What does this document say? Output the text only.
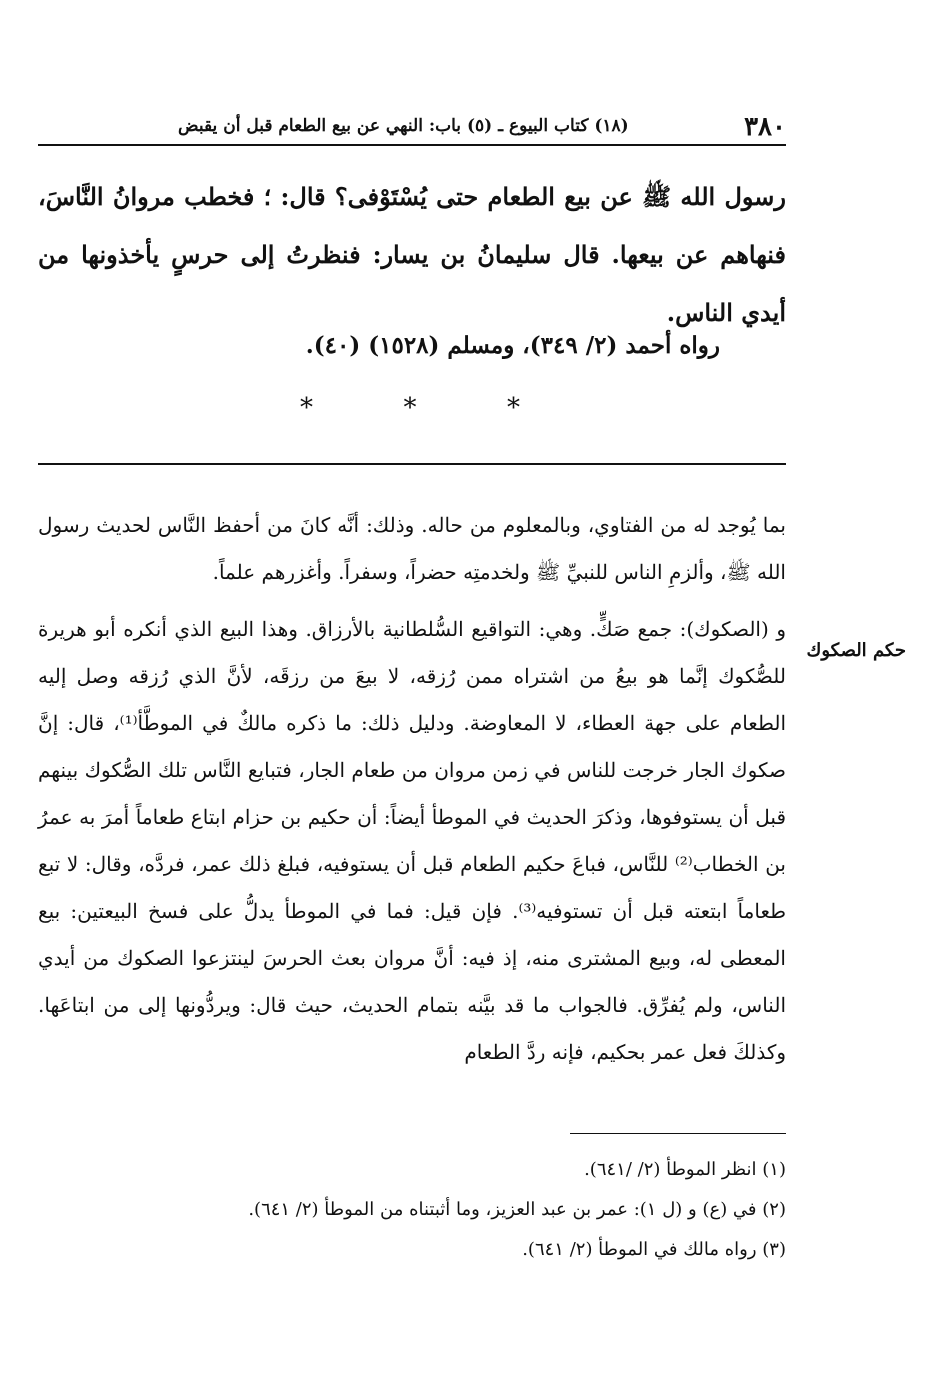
٣٨٠
(١٨) كتاب البيوع ـ (٥) باب: النهي عن بيع الطعام قبل أن يقبض

رسول الله ﷺ عن بيع الطعام حتى يُسْتَوْفى؟ قال: ؛ فخطب مروانُ النَّاسَ، فنهاهم عن بيعها. قال سليمانُ بن يسار: فنظرتُ إلى حرسٍ يأخذونها من أيدي الناس.

رواه أحمد (٢/ ٣٤٩)، ومسلم (١٥٢٨) (٤٠).
*	*	*

بما يُوجد له من الفتاوي، وبالمعلوم من حاله. وذلك: أنَّه كانَ من أحفظ النَّاس لحديث رسول الله ﷺ، وألزمِ الناس للنبيِّ ﷺ ولخدمتِه حضراً، وسفراً. وأغزرهم علماً.

و (الصكوك): جمع صَكٍّ. وهي: التواقيع السُّلطانية بالأرزاق. وهذا البيع الذي أنكره أبو هريرة للصُّكوك إنَّما هو بيعُ من اشتراه ممن رُزقه، لا بيعَ من رزقَه، لأنَّ الذي رُزقه وصل إليه الطعام على جهة العطاء، لا المعاوضة. ودليل ذلك: ما ذكره مالكٌ في الموطَّأ⁽¹⁾، قال: إنَّ صكوك الجار خرجت للناس في زمن مروان من طعام الجار، فتبايع النَّاس تلك الصُّكوك بينهم قبل أن يستوفوها، وذكرَ الحديث في الموطأ أيضاً: أن حكيم بن حزام ابتاع طعاماً أمرَ به عمرُ بن الخطاب⁽²⁾ للنَّاس، فباعَ حكيم الطعام قبل أن يستوفيه، فبلغ ذلك عمر، فردَّه، وقال: لا تبع طعاماً ابتعته قبل أن تستوفيه⁽³⁾. فإن قيل: فما في الموطأ يدلُّ على فسخ البيعتين: بيع المعطى له، وبيع المشترى منه، إذ فيه: أنَّ مروان بعث الحرسَ لينتزعوا الصكوك من أيدي الناس، ولم يُفرِّق. فالجواب ما قد بيَّنه بتمام الحديث، حيث قال: ويردُّونها إلى من ابتاعَها. وكذلكَ فعل عمر بحكيم، فإنه ردَّ الطعام

حكم الصكوك
(١) انظر الموطأ (٢/ /٦٤١).
(٢) في (ع) و (ل ١): عمر بن عبد العزيز، وما أثبتناه من الموطأ (٢/ ٦٤١).
(٣) رواه مالك في الموطأ (٢/ ٦٤١).
